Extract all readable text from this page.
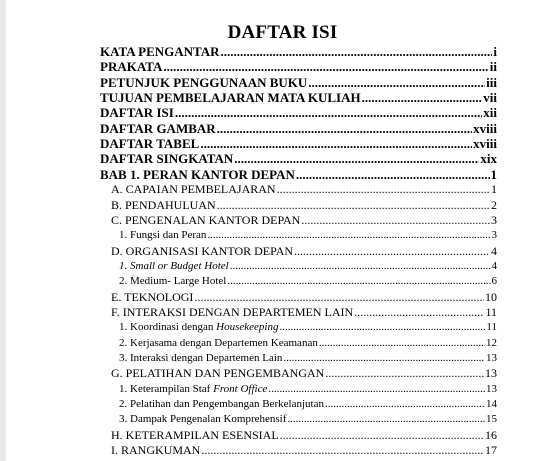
DAFTAR ISI
KATA PENGANTAR .....	i
PRAKATA .....	ii
PETUNJUK PENGGUNAAN BUKU .....	iii
TUJUAN PEMBELAJARAN MATA KULIAH .....	vii
DAFTAR ISI .....	xii
DAFTAR GAMBAR .....	xviii
DAFTAR TABEL .....	xviii
DAFTAR SINGKATAN .....	xix
BAB 1. PERAN KANTOR DEPAN .....	1
A. CAPAIAN PEMBELAJARAN .....	1
B. PENDAHULUAN .....	2
C. PENGENALAN KANTOR DEPAN .....	3
1. Fungsi dan Peran .....	3
D. ORGANISASI KANTOR DEPAN .....	4
1. Small or Budget Hotel .....	4
2. Medium- Large Hotel .....	6
E. TEKNOLOGI .....	10
F. INTERAKSI DENGAN DEPARTEMEN LAIN .....	11
1. Koordinasi dengan Housekeeping .....	11
2. Kerjasama dengan Departemen Keamanan .....	12
3. Interaksi dengan Departemen Lain .....	13
G. PELATIHAN DAN PENGEMBANGAN .....	13
1. Keterampilan Staf Front Office .....	13
2. Pelatihan dan Pengembangan Berkelanjutan .....	14
3. Dampak Pengenalan Komprehensif .....	15
H. KETERAMPILAN ESENSIAL .....	16
I. RANGKUMAN .....	17
